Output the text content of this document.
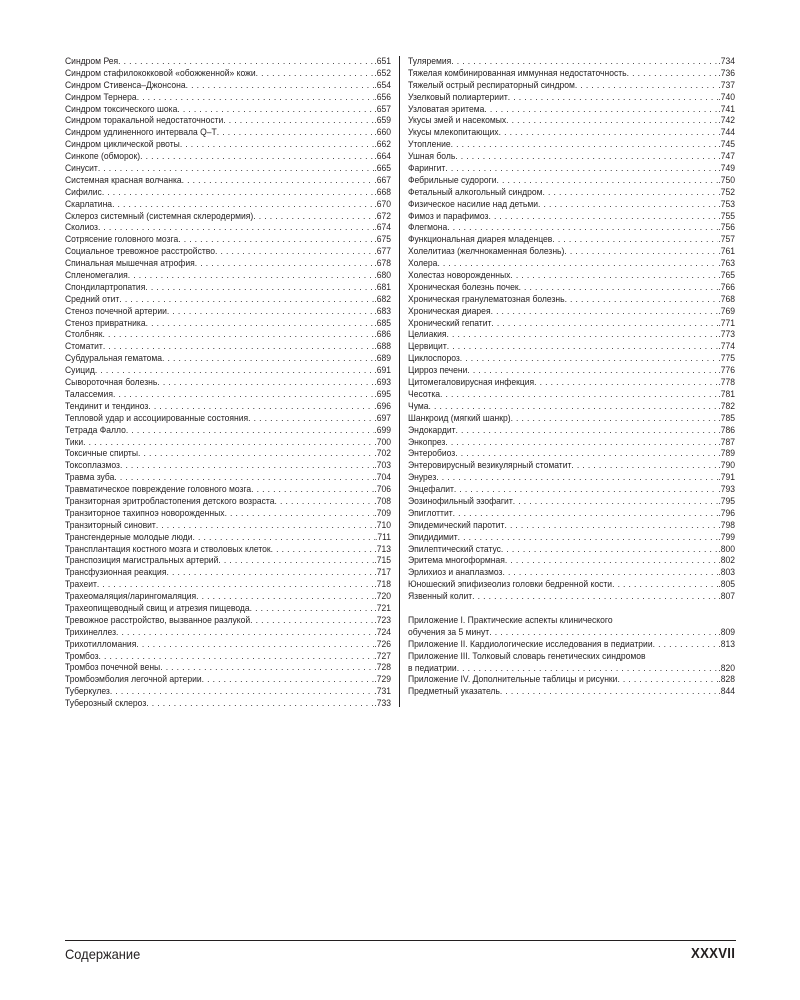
Синдром Рея . . .	.651
Синдром стафилококковой «обожженной» кожи . . .	.652
Синдром Стивенса–Джонсона . . .	.654
Синдром Тернера . . .	.656
Синдром токсического шока . . .	.657
Синдром торакальной недостаточности . . .	.659
Синдром удлиненного интервала Q–T . . .	.660
Синдром циклической рвоты . . .	.662
Синкопе (обморок) . . .	.664
Синусит . . .	.665
Системная красная волчанка . . .	.667
Сифилис . . .	.668
Скарлатина . . .	.670
Склероз системный (системная склеродермия) . . .	.672
Сколиоз . . .	.674
Сотрясение головного мозга . . .	.675
Социальное тревожное расстройство . . .	.677
Спинальная мышечная атрофия . . .	.678
Спленомегалия . . .	.680
Спондилартропатия . . .	.681
Средний отит . . .	.682
Стеноз почечной артерии . . .	.683
Стеноз привратника . . .	.685
Столбняк . . .	.686
Стоматит . . .	.688
Субдуральная гематома . . .	.689
Суицид . . .	.691
Сывороточная болезнь . . .	.693
Талассемия . . .	.695
Тендинит и тендиноз . . .	.696
Тепловой удар и ассоциированные состояния . . .	.697
Тетрада Фалло . . .	.699
Тики . . .	.700
Токсичные спирты . . .	.702
Токсоплазмоз . . .	.703
Травма зуба . . .	.704
Травматическое повреждение головного мозга . . .	.706
Транзиторная эритробластопения детского возраста . . .	.708
Транзиторное тахипноэ новорожденных . . .	.709
Транзиторный синовит . . .	.710
Трансгендерные молодые люди . . .	.711
Трансплантация костного мозга и стволовых клеток . . .	.713
Транспозиция магистральных артерий . . .	.715
Трансфузионная реакция . . .	.717
Трахеит . . .	.718
Трахеомаляция/ларингомаляция . . .	.720
Трахеопищеводный свищ и атрезия пищевода . . .	.721
Тревожное расстройство, вызванное разлукой . . .	.723
Трихинеллез . . .	.724
Трихотилломания . . .	.726
Тромбоз . . .	.727
Тромбоз почечной вены . . .	.728
Тромбоэмболия легочной артерии . . .	.729
Туберкулез . . .	.731
Туберозный склероз . . .	.733
Туляремия . . .	.734
Тяжелая комбинированная иммунная недостаточность . . .	.736
Тяжелый острый респираторный синдром . . .	.737
Узелковый полиартериит . . .	.740
Узловатая эритема . . .	.741
Укусы змей и насекомых . . .	.742
Укусы млекопитающих . . .	.744
Утопление . . .	.745
Ушная боль . . .	.747
Фарингит . . .	.749
Фебрильные судороги . . .	.750
Фетальный алкогольный синдром . . .	.752
Физическое насилие над детьми . . .	.753
Фимоз и парафимоз . . .	.755
Флегмона . . .	.756
Функциональная диарея младенцев . . .	.757
Холелитиаз (желчнокаменная болезнь) . . .	.761
Холера . . .	.763
Холестаз новорожденных . . .	.765
Хроническая болезнь почек . . .	.766
Хроническая гранулематозная болезнь . . .	.768
Хроническая диарея . . .	.769
Хронический гепатит . . .	.771
Целиакия . . .	.773
Цервицит . . .	.774
Циклоспороз . . .	.775
Цирроз печени . . .	.776
Цитомегаловирусная инфекция . . .	.778
Чесотка . . .	.781
Чума . . .	.782
Шанкроид (мягкий шанкр) . . .	.785
Эндокардит . . .	.786
Энкопрез . . .	.787
Энтеробиоз . . .	.789
Энтеровирусный везикулярный стоматит . . .	.790
Энурез . . .	.791
Энцефалит . . .	.793
Эозинофильный эзофагит . . .	.795
Эпиглоттит . . .	.796
Эпидемический паротит . . .	.798
Эпидидимит . . .	.799
Эпилептический статус . . .	.800
Эритема многоформная . . .	.802
Эрлихиоз и анаплазмоз . . .	.803
Юношеский эпифизеолиз головки бедренной кости . . .	.805
Язвенный колит . . .	.807
Приложение I. Практические аспекты клинического
обучения за 5 минут . . .	.809
Приложение II. Кардиологические исследования в педиатрии . . .	.813
Приложение III. Толковый словарь генетических синдромов
в педиатрии . . .	.820
Приложение IV. Дополнительные таблицы и рисунки . . .	.828
Предметный указатель . . .	.844
Содержание	XXXVII
